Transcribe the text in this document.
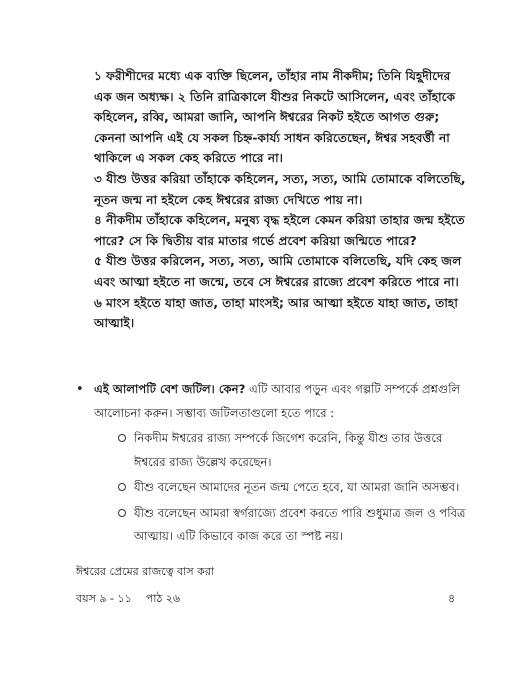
১ ফরীশীদের মধ্যে এক ব্যক্তি ছিলেন, তাঁহার নাম নীকদীম; তিনি যিহূদীদের এক জন অধ্যক্ষ। ২ তিনি রাত্রিকালে যীশুর নিকটে আসিলেন, এবং তাঁহাকে কহিলেন, রব্বি, আমরা জানি, আপনি ঈশ্বরের নিকট হইতে আগত গুরু; কেননা আপনি এই যে সকল চিহ্ন-কার্য্য সাধন করিতেছেন, ঈশ্বর সহবর্ত্তী না থাকিলে এ সকল কেহ করিতে পারে না।

৩ যীশু উত্তর করিয়া তাঁহাকে কহিলেন, সত্য, সত্য, আমি তোমাকে বলিতেছি, নূতন জন্ম না হইলে কেহ ঈশ্বরের রাজ্য দেখিতে পায় না।

৪ নীকদীম তাঁহাকে কহিলেন, মনুষ্য বৃদ্ধ হইলে কেমন করিয়া তাহার জন্ম হইতে পারে? সে কি দ্বিতীয় বার মাতার গর্ভে প্রবেশ করিয়া জন্মিতে পারে?

৫ যীশু উত্তর করিলেন, সত্য, সত্য, আমি তোমাকে বলিতেছি, যদি কেহ জল এবং আত্মা হইতে না জন্মে, তবে সে ঈশ্বরের রাজ্যে প্রবেশ করিতে পারে না। ৬ মাংস হইতে যাহা জাত, তাহা মাংসই; আর আত্মা হইতে যাহা জাত, তাহা আত্মাই।

• এই আলাপটি বেশ জটিল। কেন? এটি আবার পড়ুন এবং গল্পটি সম্পর্কে প্রশ্নগুলি আলোচনা করুন। সম্ভাব্য জটিলতাগুলো হতে পারে :
নিকদীম ঈশ্বরের রাজ্য সম্পর্কে জিগেশ করেনি, কিন্তু যীশু তার উত্তরে ঈশ্বরের রাজ্য উল্লেখ করেছেন।
যীশু বলেছেন আমাদের নূতন জন্ম পেতে হবে, যা আমরা জানি অসম্ভব।
যীশু বলেছেন আমরা স্বর্গরাজ্যে প্রবেশ করতে পারি শুধুমাত্র জল ও পবিত্র আত্মায়। এটি কিভাবে কাজ করে তা স্পষ্ট নয়।
ঈশ্বরের প্রেমের রাজত্বে বাস করা
বয়স ৯ - ১১    পাঠ ২৬	৪
